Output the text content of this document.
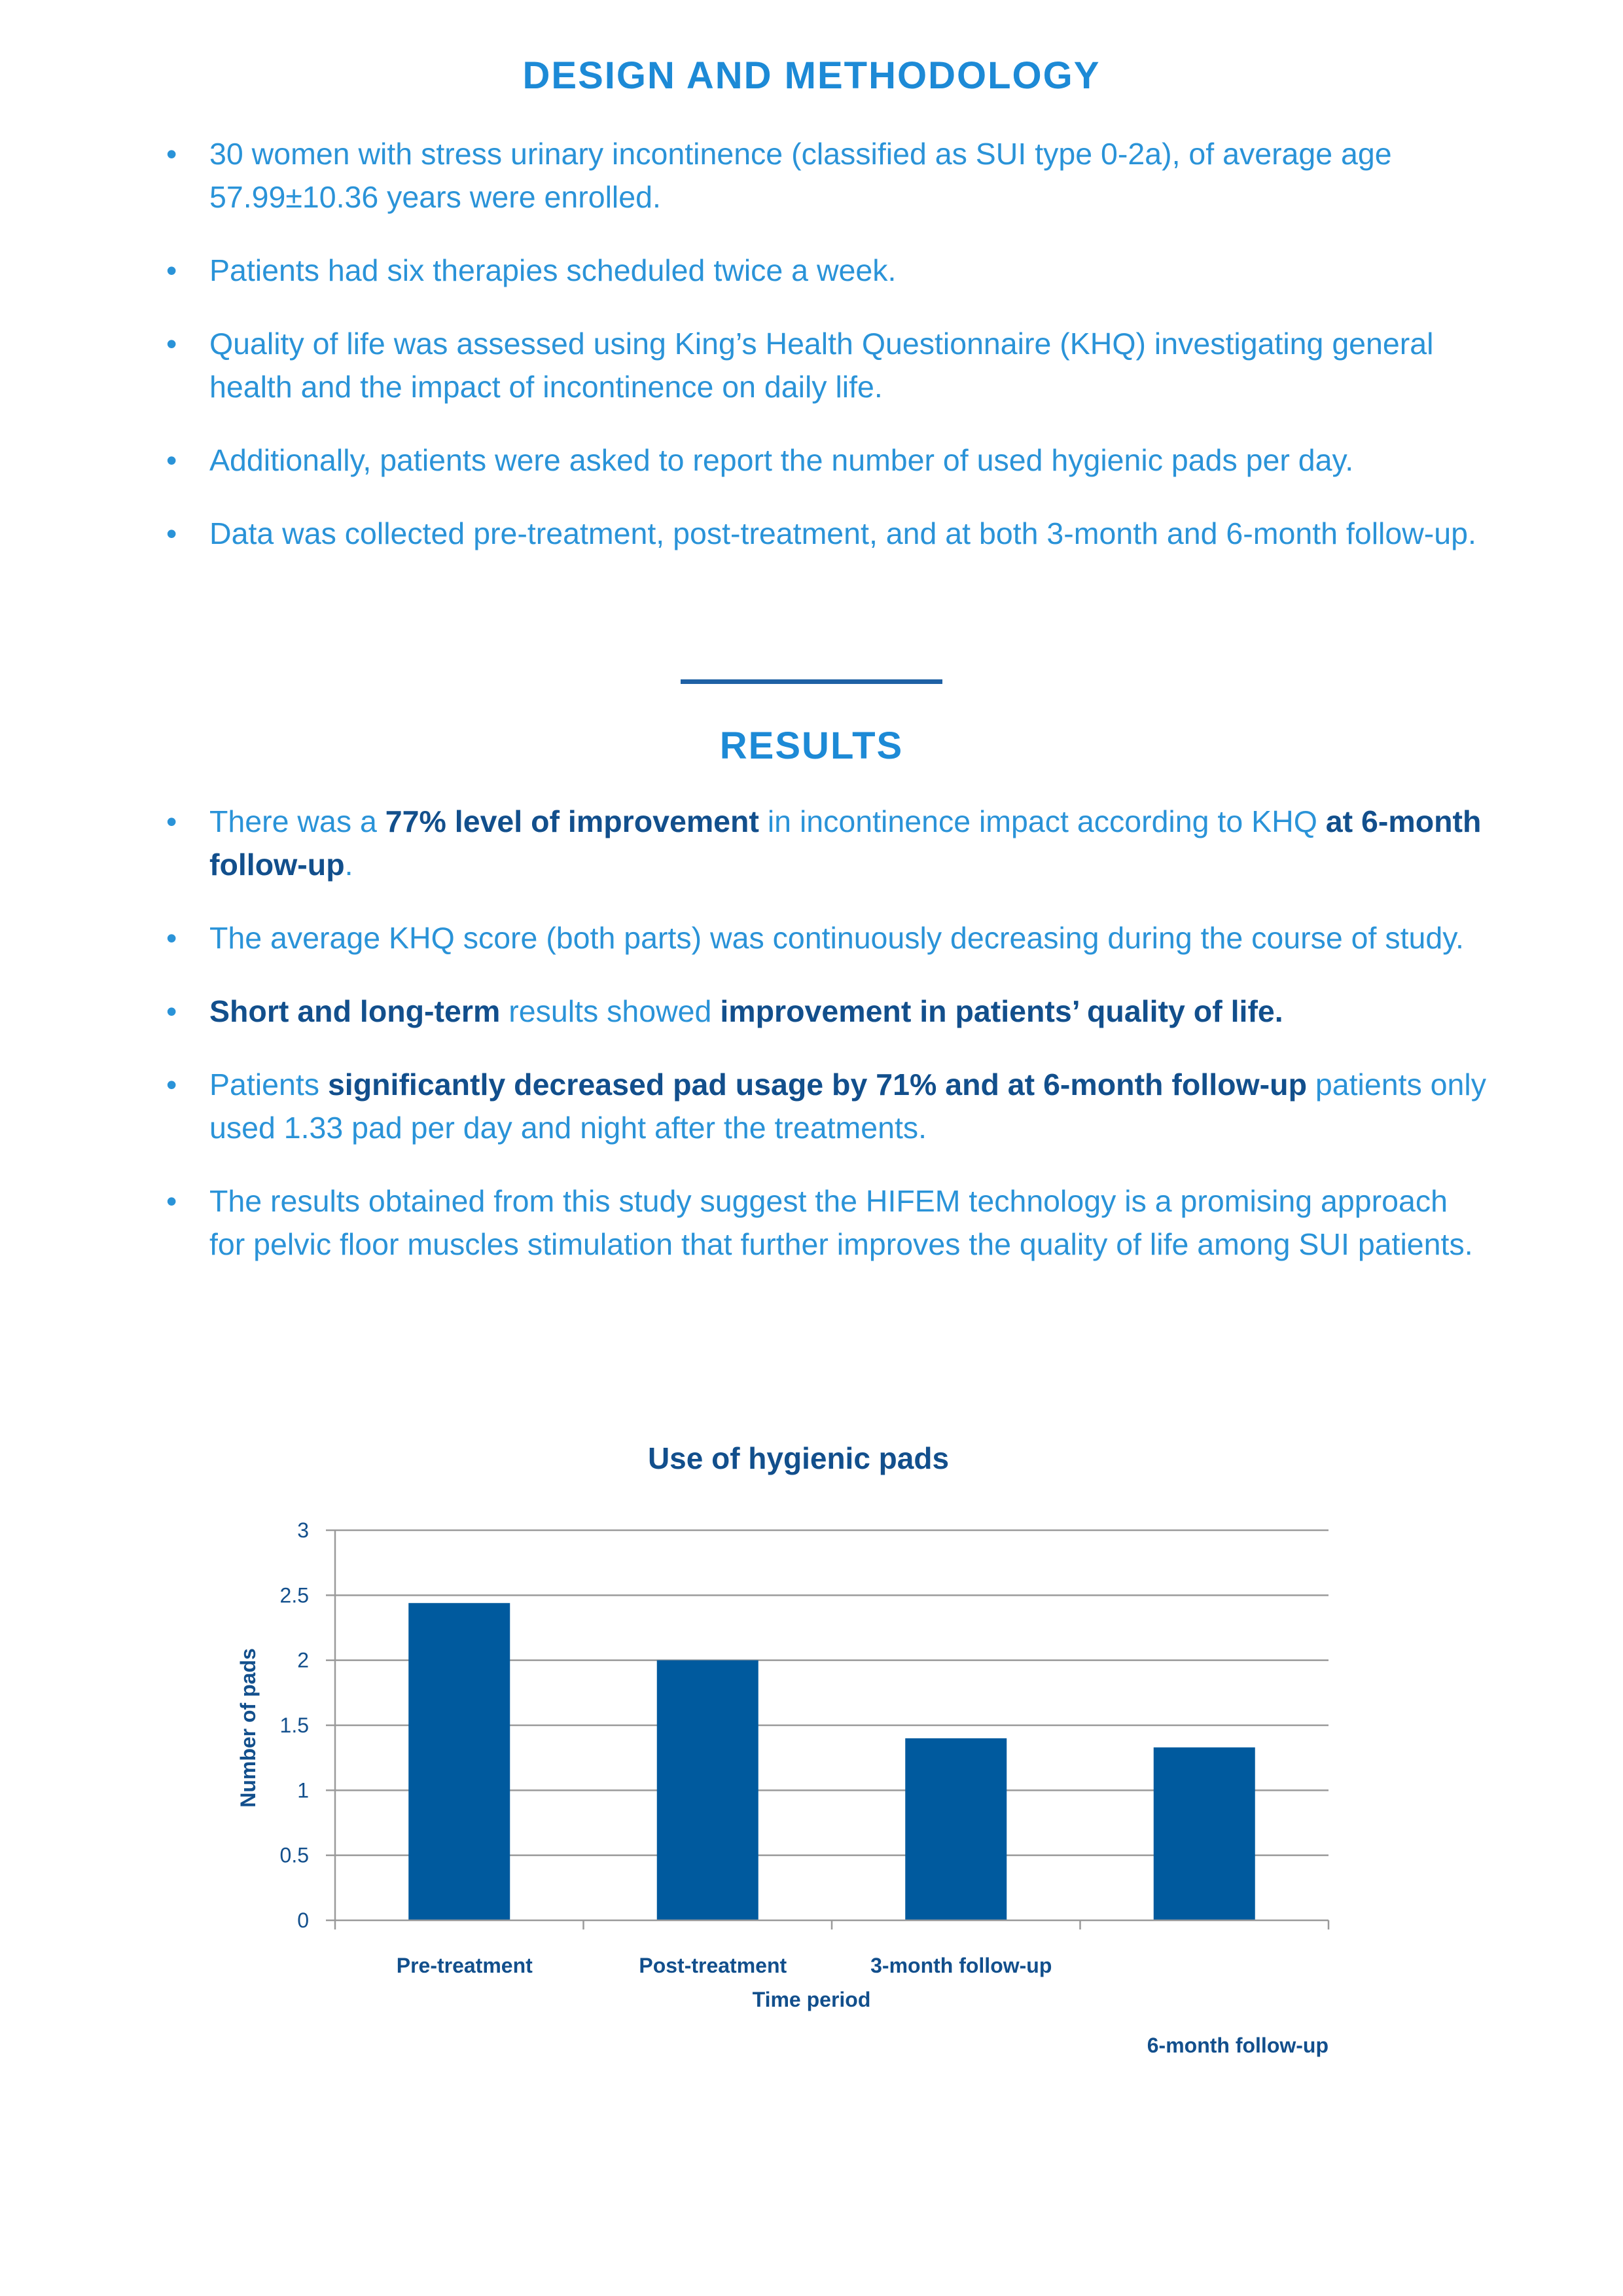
DESIGN AND METHODOLOGY
•	30 women with stress urinary incontinence (classified as SUI type 0-2a), of average age 57.99±10.36 years were enrolled.
•	Patients had six therapies scheduled twice a week.
•	Quality of life was assessed using King’s Health Questionnaire (KHQ) investigating general health and the impact of incontinence on daily life.
•	Additionally, patients were asked to report the number of used hygienic pads per day.
•	Data was collected pre-treatment, post-treatment, and at both 3-month and 6-month follow-up.
RESULTS
•	There was a 77% level of improvement in incontinence impact according to KHQ at 6-month follow-up.
•	The average KHQ score (both parts) was continuously decreasing during the course of study.
•	Short and long-term results showed improvement in patients’ quality of life.
•	Patients significantly decreased pad usage by 71% and at 6-month follow-up patients only used 1.33 pad per day and night after the treatments.
•	The results obtained from this study suggest the HIFEM technology is a promising approach for pelvic floor muscles stimulation that further improves the quality of life among SUI patients.
Use of hygienic pads
0
0.5
1
1.5
2
2.5
3
Pre-treatment	Post-treatment	3-month follow-up
6-month follow-up
Time period
Number of pads
